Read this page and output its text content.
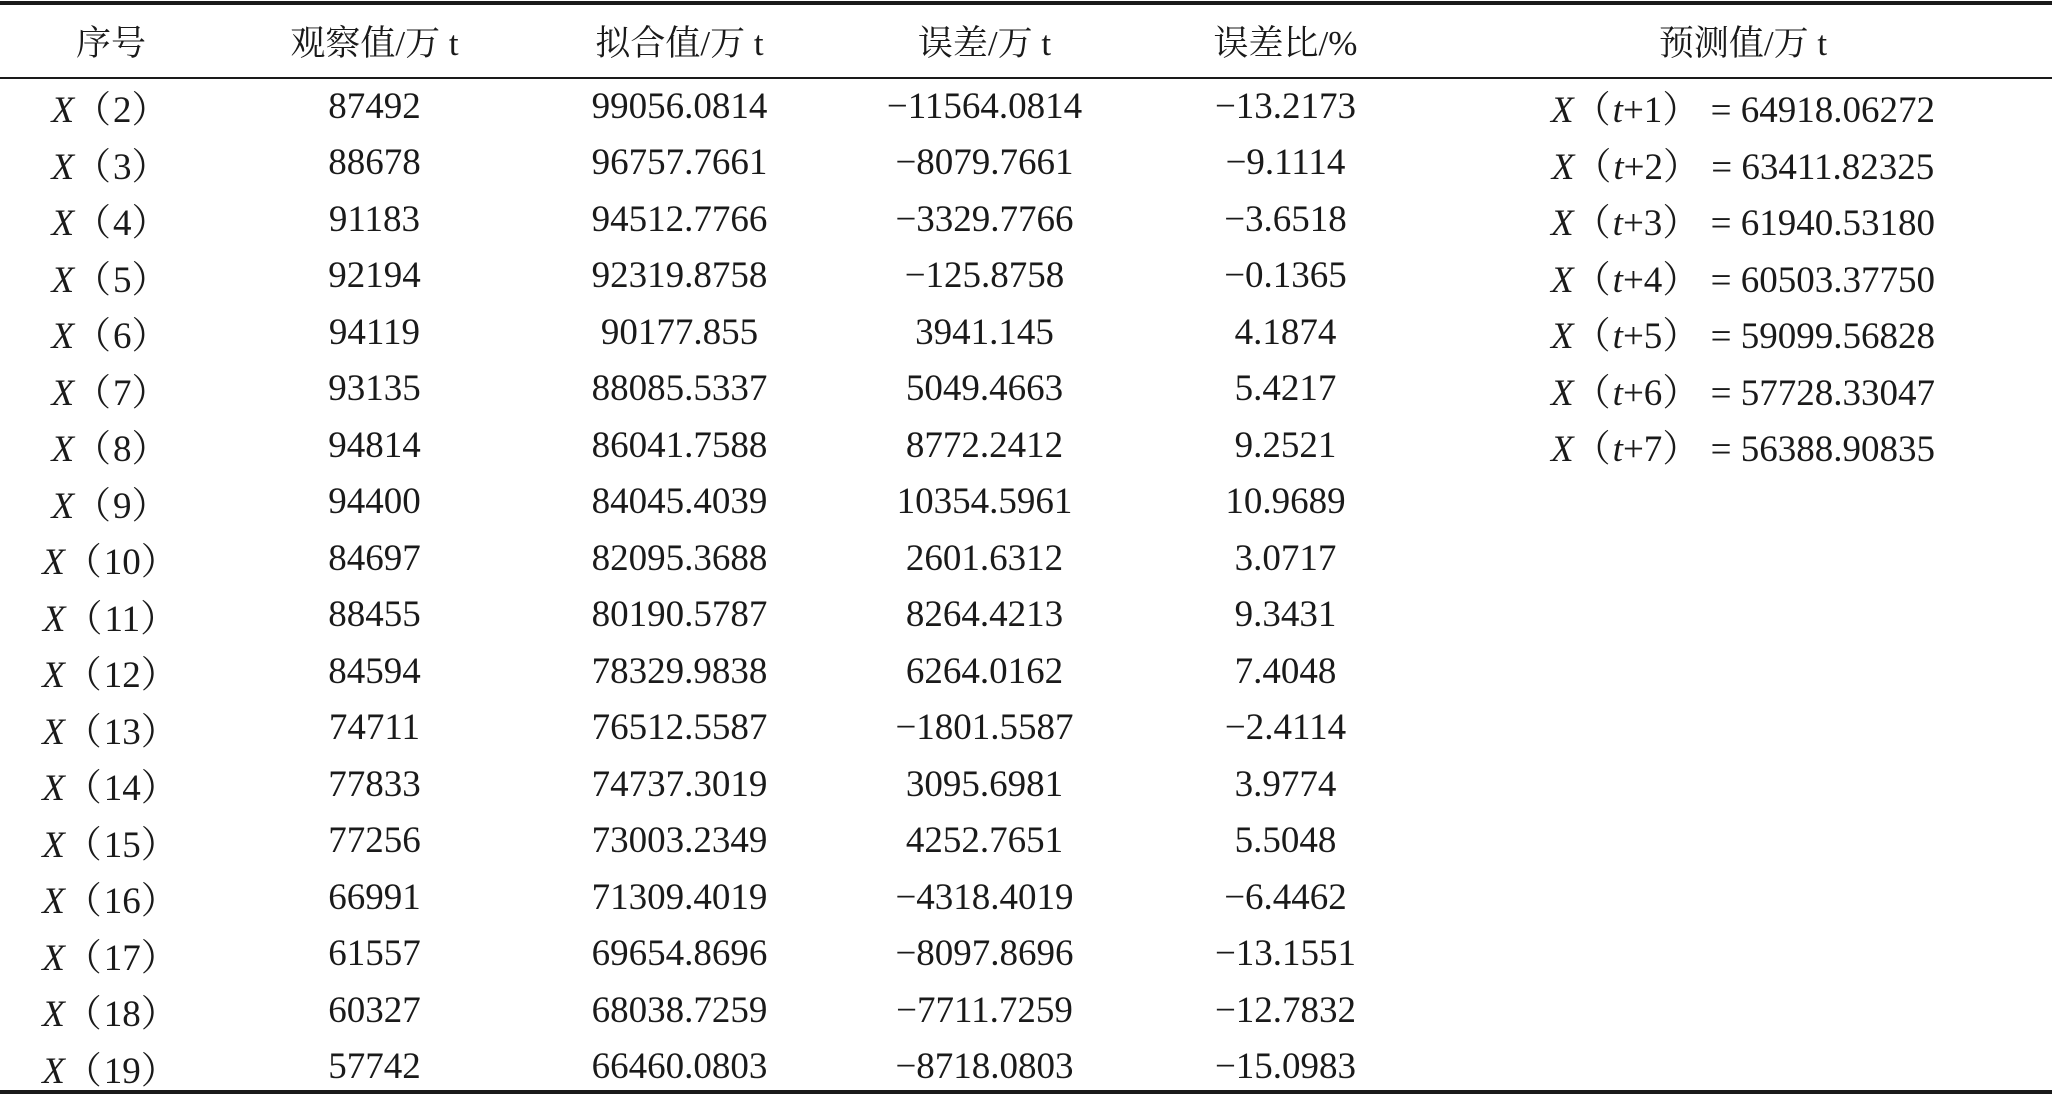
序号	观察值/万 t	拟合值/万 t	误差/万 t	误差比/%	预测值/万 t
X（2）	87492	99056.0814	−11564.0814	−13.2173	X（t+1） = 64918.06272
X（3）	88678	96757.7661	−8079.7661	−9.1114	X（t+2） = 63411.82325
X（4）	91183	94512.7766	−3329.7766	−3.6518	X（t+3） = 61940.53180
X（5）	92194	92319.8758	−125.8758	−0.1365	X（t+4） = 60503.37750
X（6）	94119	90177.855	3941.145	4.1874	X（t+5） = 59099.56828
X（7）	93135	88085.5337	5049.4663	5.4217	X（t+6） = 57728.33047
X（8）	94814	86041.7588	8772.2412	9.2521	X（t+7） = 56388.90835
X（9）	94400	84045.4039	10354.5961	10.9689	
X（10）	84697	82095.3688	2601.6312	3.0717	
X（11）	88455	80190.5787	8264.4213	9.3431	
X（12）	84594	78329.9838	6264.0162	7.4048	
X（13）	74711	76512.5587	−1801.5587	−2.4114	
X（14）	77833	74737.3019	3095.6981	3.9774	
X（15）	77256	73003.2349	4252.7651	5.5048	
X（16）	66991	71309.4019	−4318.4019	−6.4462	
X（17）	61557	69654.8696	−8097.8696	−13.1551	
X（18）	60327	68038.7259	−7711.7259	−12.7832	
X（19）	57742	66460.0803	−8718.0803	−15.0983	
